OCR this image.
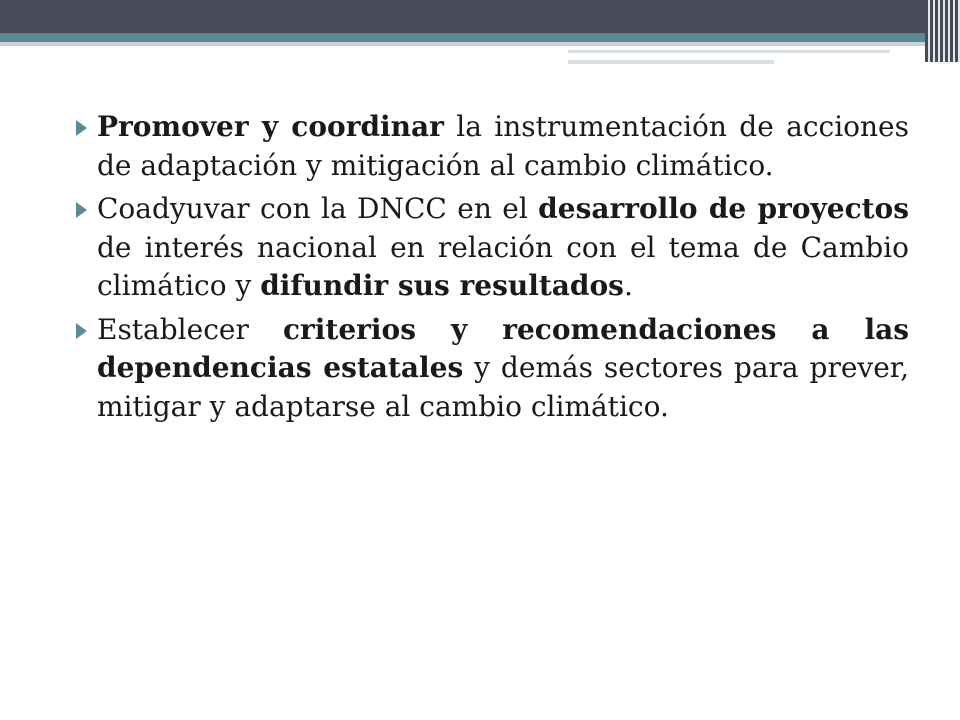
Promover y coordinar la instrumentación de acciones de adaptación y mitigación al cambio climático.
Coadyuvar con la DNCC en el desarrollo de proyectos de interés nacional en relación con el tema de Cambio climático y difundir sus resultados.
Establecer criterios y recomendaciones a las dependencias estatales y demás sectores para prever, mitigar y adaptarse al cambio climático.
